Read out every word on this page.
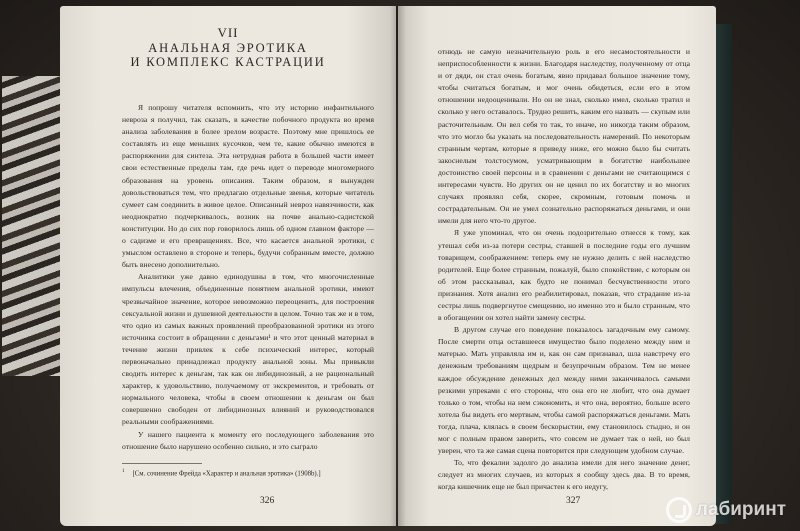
VII
АНАЛЬНАЯ ЭРОТИКА
И КОМПЛЕКС КАСТРАЦИИ

Я попрошу читателя вспомнить, что эту историю инфантильного невроза я получил, так сказать, в качестве побочного продукта во время анализа заболевания в более зрелом возрасте. Поэтому мне пришлось ее составлять из еще меньших кусочков, чем те, какие обычно имеются в распоряжении для синтеза. Эта нетрудная работа в большей части имеет свои естественные пределы там, где речь идет о переводе многомерного образования на уровень описания. Таким образом, я вынужден довольствоваться тем, что предлагаю отдельные звенья, которые читатель сумеет сам соединить в живое целое. Описанный невроз навязчивости, как неоднократно подчеркивалось, возник на почве анально-садистской конституции. Но до сих пор говорилось лишь об одном главном факторе — о садизме и его превращениях. Все, что касается анальной эротики, с умыслом оставлено в стороне и теперь, будучи собранным вместе, должно быть внесено дополнительно.

Аналитики уже давно единодушны в том, что многочисленные импульсы влечения, объединенные понятием анальной эротики, имеют чрезвычайное значение, которое невозможно переоценить, для построения сексуальной жизни и душевной деятельности в целом. Точно так же и в том, что одно из самых важных проявлений преобразованной эротики из этого источника состоит в обращении с деньгами¹ и что этот ценный материал в течение жизни привлек к себе психический интерес, который первоначально принадлежал продукту анальной зоны. Мы привыкли сводить интерес к деньгам, так как он либидинозный, а не рациональный характер, к удовольствию, получаемому от экскрементов, и требовать от нормального человека, чтобы в своем отношении к деньгам он был совершенно свободен от либидинозных влияний и руководствовался реальными соображениями.

У нашего пациента к моменту его последующего заболевания это отношение было нарушено особенно сильно, и это сыграло

$^1$ [См. сочинение Фрейда «Характер и анальная эротика» (1908b).]
326

отнюдь не самую незначительную роль в его несамостоятельности и неприспособленности к жизни. Благодаря наследству, полученному от отца и от дяди, он стал очень богатым, явно придавал большое значение тому, чтобы считаться богатым, и мог очень обидеться, если его в этом отношении недооценивали. Но он не знал, сколько имел, сколько тратил и сколько у него оставалось. Трудно решить, каким его назвать — скупым или расточительным. Он вел себя то так, то иначе, но никогда таким образом, что это могло бы указать на последовательность намерений. По некоторым странным чертам, которые я приведу ниже, его можно было бы считать закоснелым толстосумом, усматривающим в богатстве наибольшее достоинство своей персоны и в сравнении с деньгами не считающимся с интересами чувств. Но других он не ценил по их богатству и во многих случаях проявлял себя, скорее, скромным, готовым помочь и сострадательным. Он не умел сознательно распоряжаться деньгами, и они имели для него что-то другое.

Я уже упоминал, что он очень подозрительно отнесся к тому, как утешал себя из-за потери сестры, ставшей в последние годы его лучшим товарищем, соображением: теперь ему не нужно делить с ней наследство родителей. Еще более странным, пожалуй, было спокойствие, с которым он об этом рассказывал, как будто не понимал бесчувственности этого признания. Хотя анализ его реабилитировал, показав, что страдание из-за сестры лишь подвергнутое смещению, но именно это и было странным, что в обогащении он хотел найти замену сестры.

В другом случае его поведение показалось загадочным ему самому. После смерти отца оставшееся имущество было поделено между ним и матерью. Мать управляла им и, как он сам признавал, шла навстречу его денежным требованиям щедрым и безупречным образом. Тем не менее каждое обсуждение денежных дел между ними заканчивалось самыми резкими упреками с его стороны, что она его не любит, что она думает только о том, чтобы на нем сэкономить, и что она, вероятно, больше всего хотела бы видеть его мертвым, чтобы самой распоряжаться деньгами. Мать тогда, плача, клялась в своем бескорыстии, ему становилось стыдно, и он мог с полным правом заверить, что совсем не думает так о ней, но был уверен, что та же самая сцена повторится при следующем удобном случае.

То, что фекалии задолго до анализа имели для него значение денег, следует из многих случаев, из которых я сообщу здесь два. В то время, когда кишечник еще не был причастен к его недугу,

327	лабиринт
